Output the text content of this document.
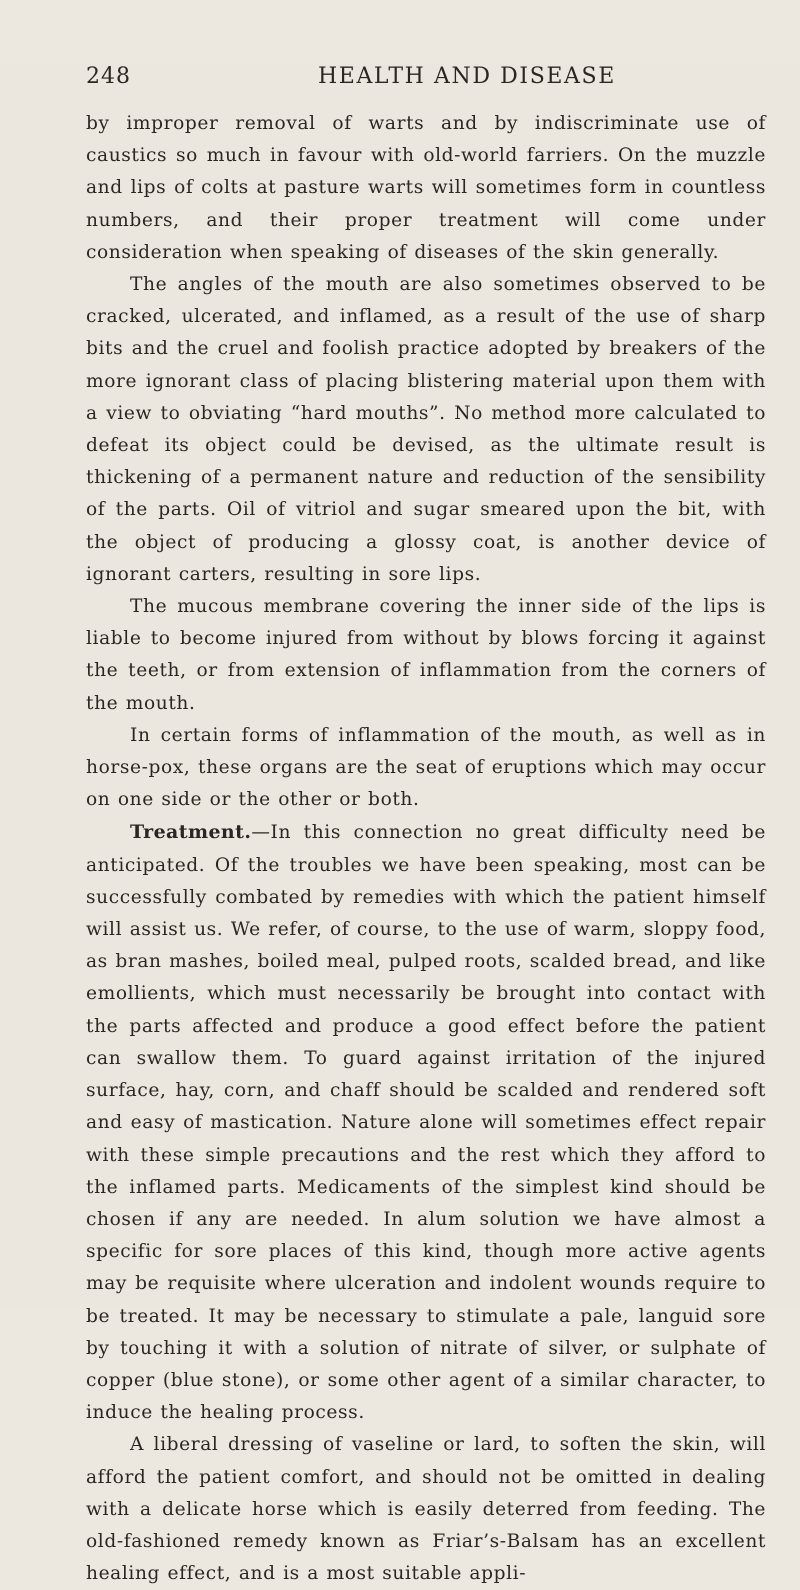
248	HEALTH AND DISEASE

by improper removal of warts and by indiscriminate use of caustics so much in favour with old-world farriers. On the muzzle and lips of colts at pasture warts will sometimes form in countless numbers, and their proper treatment will come under consideration when speaking of diseases of the skin generally.

The angles of the mouth are also sometimes observed to be cracked, ulcerated, and inflamed, as a result of the use of sharp bits and the cruel and foolish practice adopted by breakers of the more ignorant class of placing blistering material upon them with a view to obviating “hard mouths”. No method more calculated to defeat its object could be devised, as the ultimate result is thickening of a permanent nature and reduction of the sensibility of the parts. Oil of vitriol and sugar smeared upon the bit, with the object of producing a glossy coat, is another device of ignorant carters, resulting in sore lips.

The mucous membrane covering the inner side of the lips is liable to become injured from without by blows forcing it against the teeth, or from extension of inflammation from the corners of the mouth.

In certain forms of inflammation of the mouth, as well as in horse-pox, these organs are the seat of eruptions which may occur on one side or the other or both.

Treatment.—In this connection no great difficulty need be anticipated. Of the troubles we have been speaking, most can be successfully combated by remedies with which the patient himself will assist us. We refer, of course, to the use of warm, sloppy food, as bran mashes, boiled meal, pulped roots, scalded bread, and like emollients, which must necessarily be brought into contact with the parts affected and produce a good effect before the patient can swallow them. To guard against irritation of the injured surface, hay, corn, and chaff should be scalded and rendered soft and easy of mastication. Nature alone will sometimes effect repair with these simple precautions and the rest which they afford to the inflamed parts. Medicaments of the simplest kind should be chosen if any are needed. In alum solution we have almost a specific for sore places of this kind, though more active agents may be requisite where ulceration and indolent wounds require to be treated. It may be necessary to stimulate a pale, languid sore by touching it with a solution of nitrate of silver, or sulphate of copper (blue stone), or some other agent of a similar character, to induce the healing process.

A liberal dressing of vaseline or lard, to soften the skin, will afford the patient comfort, and should not be omitted in dealing with a delicate horse which is easily deterred from feeding. The old-fashioned remedy known as Friar’s-Balsam has an excellent healing effect, and is a most suitable appli-
